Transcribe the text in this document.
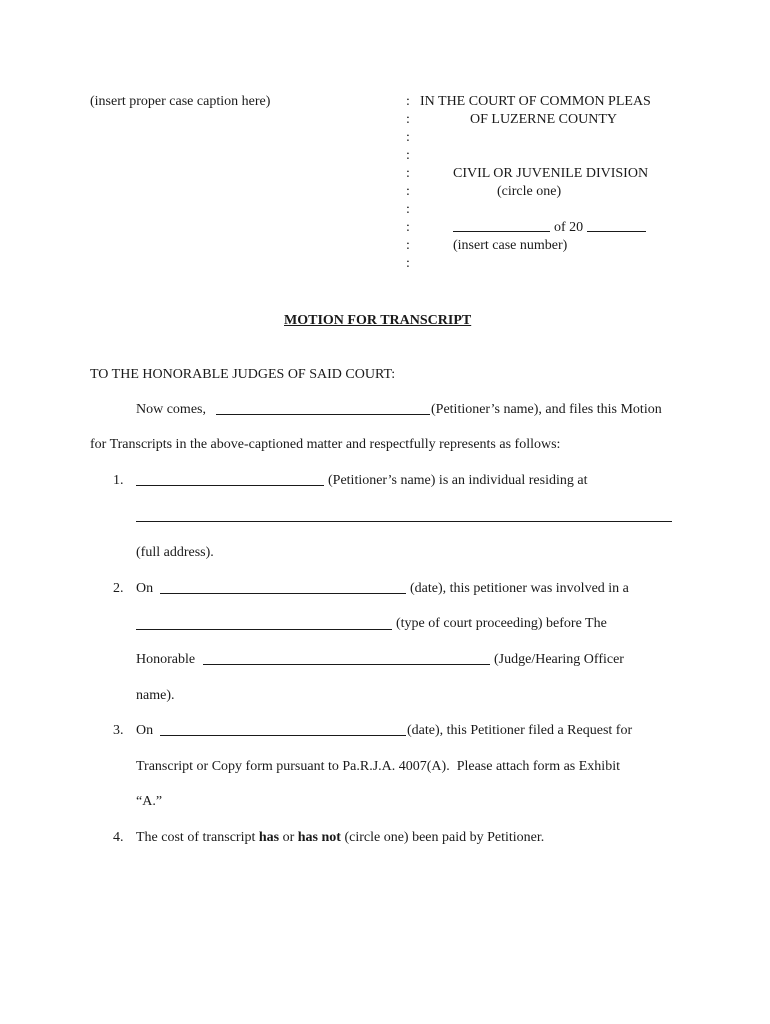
(insert proper case caption here)	:
:
:
:
:
:
:
:
:
:
IN THE COURT OF COMMON PLEAS
OF LUZERNE COUNTY
CIVIL OR JUVENILE DIVISION
(circle one)
of 20
(insert case number)
MOTION FOR TRANSCRIPT
TO THE HONORABLE JUDGES OF SAID COURT:
Now comes,	(Petitioner’s name), and files this Motion
for Transcripts in the above-captioned matter and respectfully represents as follows:
1.	(Petitioner’s name) is an individual residing at
(full address).
2. On	(date), this petitioner was involved in a
(type of court proceeding) before The
Honorable	(Judge/Hearing Officer
name).
3. On	(date), this Petitioner filed a Request for
Transcript or Copy form pursuant to Pa.R.J.A. 4007(A).  Please attach form as Exhibit
“A.”
4. The cost of transcript has or has not (circle one) been paid by Petitioner.
